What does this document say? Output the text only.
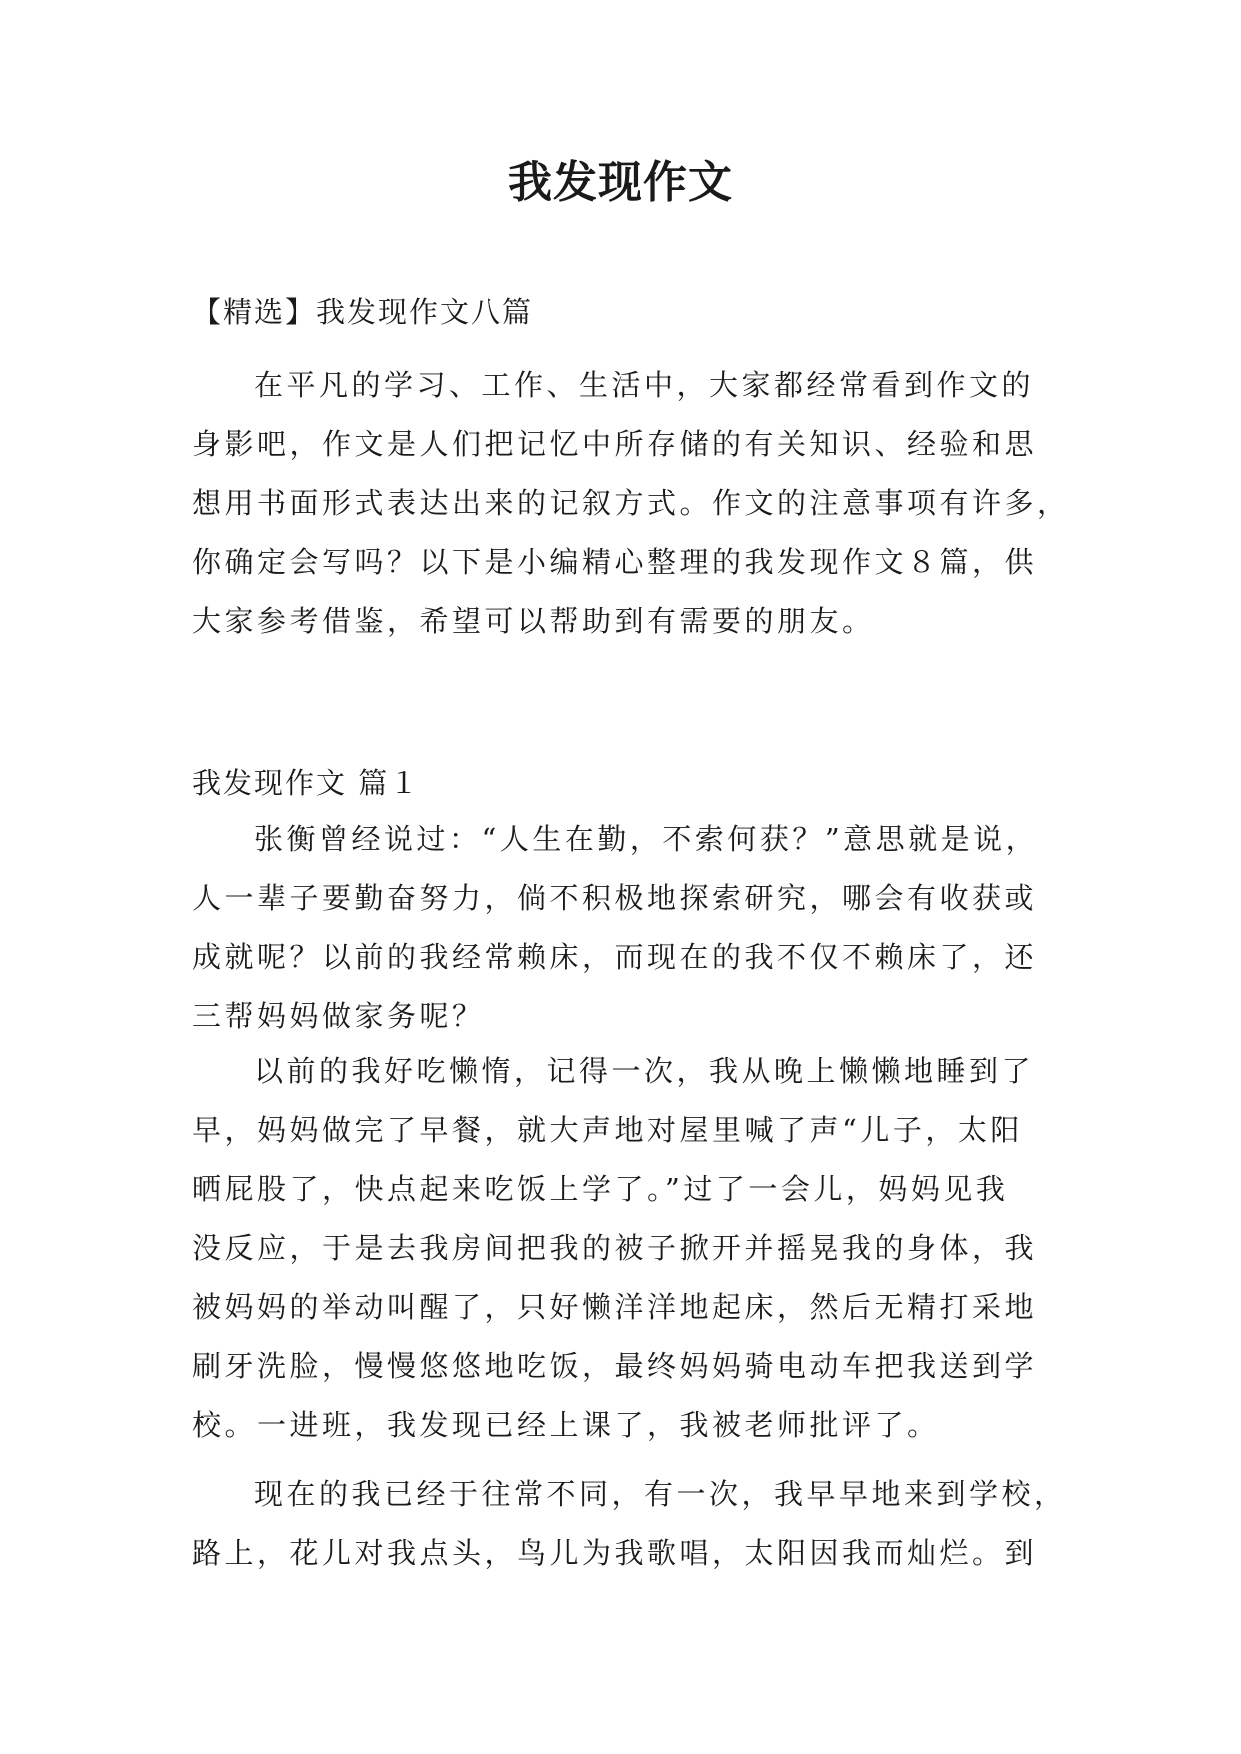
我发现作文

【精选】我发现作文八篇

在平凡的学习、工作、生活中，大家都经常看到作文的
身影吧，作文是人们把记忆中所存储的有关知识、经验和思
想用书面形式表达出来的记叙方式。作文的注意事项有许多，
你确定会写吗？以下是小编精心整理的我发现作文８篇，供
大家参考借鉴，希望可以帮助到有需要的朋友。

我发现作文 篇１

张衡曾经说过：“人生在勤，不索何获？”意思就是说，
人一辈子要勤奋努力，倘不积极地探索研究，哪会有收获或
成就呢？以前的我经常赖床，而现在的我不仅不赖床了，还
三帮妈妈做家务呢？
以前的我好吃懒惰，记得一次，我从晚上懒懒地睡到了
早，妈妈做完了早餐，就大声地对屋里喊了声“儿子，太阳
晒屁股了，快点起来吃饭上学了。”过了一会儿，妈妈见我
没反应，于是去我房间把我的被子掀开并摇晃我的身体，我
被妈妈的举动叫醒了，只好懒洋洋地起床，然后无精打采地
刷牙洗脸，慢慢悠悠地吃饭，最终妈妈骑电动车把我送到学
校。一进班，我发现已经上课了，我被老师批评了。
现在的我已经于往常不同，有一次，我早早地来到学校，
路上，花儿对我点头，鸟儿为我歌唱，太阳因我而灿烂。到
